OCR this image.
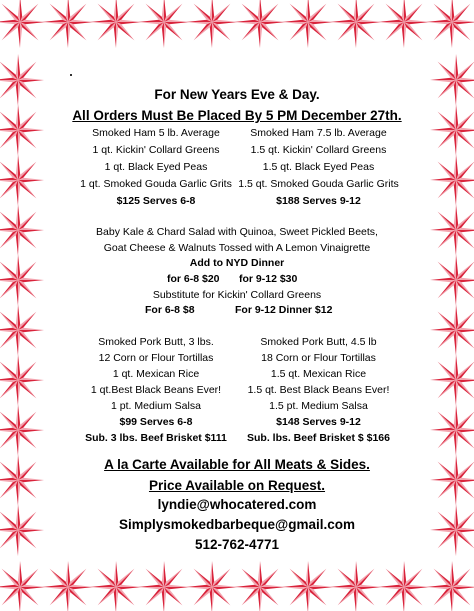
For New Years Eve & Day.
All Orders Must Be Placed By 5 PM December 27th.
Smoked Ham 5 lb. Average
1 qt. Kickin' Collard Greens
1 qt. Black Eyed Peas
1 qt. Smoked Gouda Garlic Grits
$125 Serves 6-8
Smoked Ham 7.5 lb. Average
1.5 qt. Kickin' Collard Greens
1.5 qt. Black Eyed Peas
1.5 qt. Smoked Gouda Garlic Grits
$188 Serves 9-12
Baby Kale & Chard Salad with Quinoa, Sweet Pickled Beets,
Goat Cheese & Walnuts Tossed with A Lemon Vinaigrette
Add to NYD Dinner
for 6-8 $20 for 9-12 $30
Substitute for Kickin' Collard Greens
For 6-8 $8	For 9-12 Dinner $12
Smoked Pork Butt, 3 lbs.
12 Corn or Flour Tortillas
1 qt. Mexican Rice
1 qt.Best Black Beans Ever!
1 pt. Medium Salsa
$99 Serves 6-8
Sub. 3 lbs. Beef Brisket $111
Smoked Pork Butt, 4.5 lb
18 Corn or Flour Tortillas
1.5 qt. Mexican Rice
1.5 qt. Best Black Beans Ever!
1.5 pt. Medium Salsa
$148 Serves 9-12
Sub. lbs. Beef Brisket $ $166
A la Carte Available for All Meats & Sides.
Price Available on Request.
lyndie@whocatered.com
Simplysmokedbarbeque@gmail.com
512-762-4771
